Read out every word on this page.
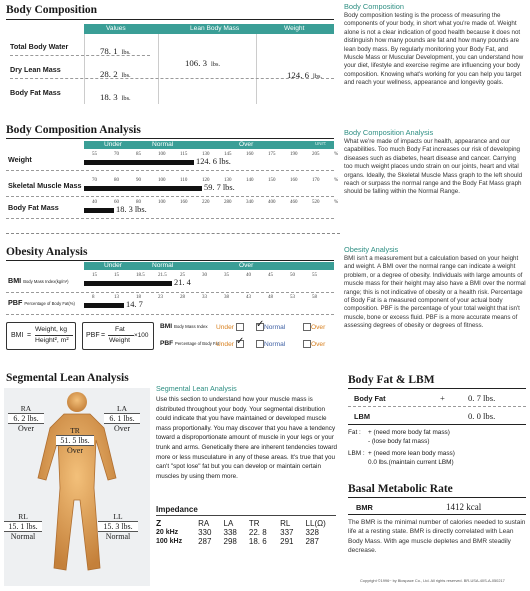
Body Composition
Values	Lean Body Mass	Weight
Total Body Water	78. 1 lbs.
Dry Lean Mass	28. 2 lbs.
Body Fat Mass	18. 3 lbs.
106. 3 lbs.
124. 6 lbs.
Body Composition Analysis
Under	Normal	Over	UNIT:
Weight
55	70	85	100	115	130	145	160	175	190	205	%
124. 6 lbs.
Skeletal Muscle Mass
70	80	90	100	110	120	130	140	150	160	170	%
59. 7 lbs.
Body Fat Mass
40	60	80	100	160	220	280	340	400	460	520	%
18. 3 lbs.
Obesity Analysis
Under	Normal	Over
BMI Body Mass Index(kg/m²)
15	15	18.5	21.5	25	30	35	40	45	50	55
21. 4
PBF Percentage of Body Fat(%)
8	13	18	23	28	33	38	43	48	53	58
14. 7
BMI =
Weight, kg
Height², m²
PBF =
Fat
Weight
×100
BMI Body Mass Index Under ✓	Normal	Over
PBF Percentage of Body Fat
Under ✓	Normal	Over
Segmental Lean Analysis
RA
6. 2 lbs.
Over
LA
6. 1 lbs.
Over
TR
51. 5 lbs.
Over
RL
15. 1 lbs.
Normal
LL
15. 3 lbs.
Normal
Segmental Lean Analysis
Use this section to understand how your muscle mass is distributed throughout your body. Your segmental distribution could indicate that you have maintained or developed muscle mass proportionally. You may discover that you have a tendency toward a disproportionate amount of muscle in your legs or your trunk and arms. Genetically there are inherent tendencies toward more or less musculature in any of these areas. It's true that you can't "spot lose" fat but you can develop or maintain certain muscles by using them more.
Impedance
Z	RA	LA	TR	RL	LL(Ω)
20 kHz	330	338	22. 8	337	328
100 kHz	287	298	18. 6	291	287
Body Composition
Body composition testing is the process of measuring the components of your body, in short what you're made of. Weight alone is not a clear indication of good health because it does not distinguish how many pounds are fat and how many pounds are lean body mass. By regularly monitoring your Body Fat, and Muscle Mass or Muscular Development, you can understand how your diet, lifestyle and exercise regime are influencing your body composition. Knowing what's working for you can help you target and reach your wellness, appearance and longevity goals.
Body Composition Analysis
What we're made of impacts our health, appearance and our capabilities. Too much Body Fat increases our risk of developing diseases such as diabetes, heart disease and cancer. Carrying too much weight places undo strain on our joints, heart and vital organs. Ideally, the Skeletal Muscle Mass graph to the left should reach or surpass the normal range and the Body Fat Mass graph should be falling within the Normal Range.
Obesity Analysis
BMI isn't a measurement but a calculation based on your height and weight. A BMI over the normal range can indicate a weight problem, or a degree of obesity. Individuals with large amounts of muscle mass for their height may also have a BMI over the normal range; this is not indicative of obesity or a health risk. Percentage of Body Fat is a measured component of your actual body composition. PBF is the percentage of your total weight that isn't muscle, bone or excess fluid. PBF is a more accurate means of assessing degrees of obesity or degrees of fitness.
Body Fat & LBM
Body Fat	+	0. 7 lbs.
LBM	0. 0 lbs.
Fat : + (need more body fat mass)
- (lose body fat mass)
LBM : + (need more lean body mass)
0.0 lbs.(maintain current LBM)
Basal Metabolic Rate
BMR	1412 kcal
The BMR is the minimal number of calories needed to sustain life at a resting state. BMR is directly correlated with Lean Body Mass. With age muscle depletes and BMR steadily decrease.
Copyright ©1996~ by Biospace Co., Ltd. All rights reserved. BR-USA-40S-A-050217
